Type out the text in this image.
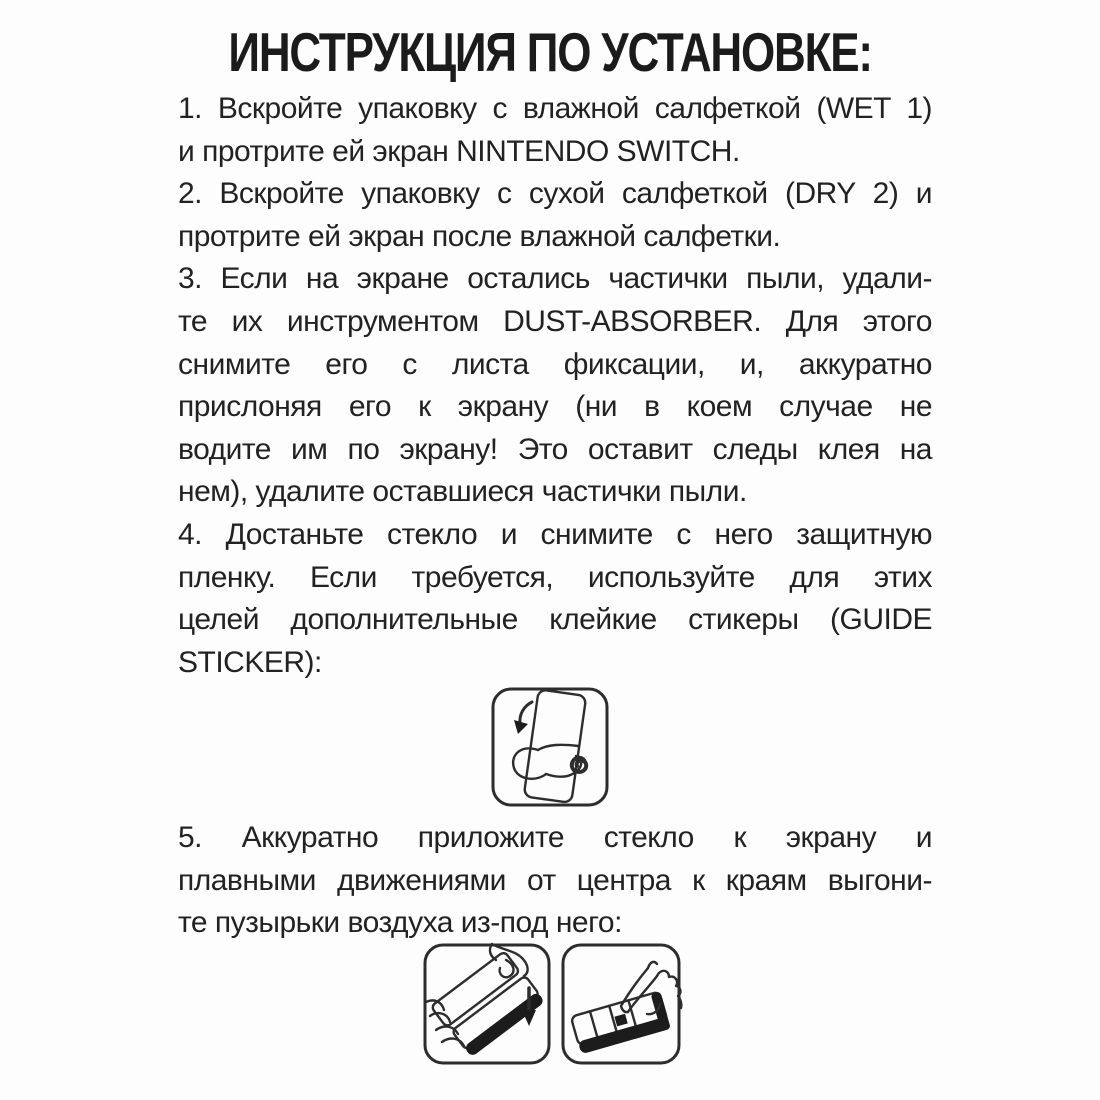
ИНСТРУКЦИЯ ПО УСТАНОВКЕ:
1. Вскройте упаковку с влажной салфеткой (WET 1)
и протрите ей экран NINTENDO SWITCH.
2. Вскройте упаковку с сухой салфеткой (DRY 2) и
протрите ей экран после влажной салфетки.
3. Если на экране остались частички пыли, удали-
те их инструментом DUST-ABSORBER. Для этого
снимите его с листа фиксации, и, аккуратно
прислоняя его к экрану (ни в коем случае не
водите им по экрану! Это оставит следы клея на
нем), удалите оставшиеся частички пыли.
4. Достаньте стекло и снимите с него защитную
пленку. Если требуется, используйте для этих
целей дополнительные клейкие стикеры (GUIDE
STICKER):
5. Аккуратно приложите стекло к экрану и
плавными движениями от центра к краям выгони-
те пузырьки воздуха из-под него:
